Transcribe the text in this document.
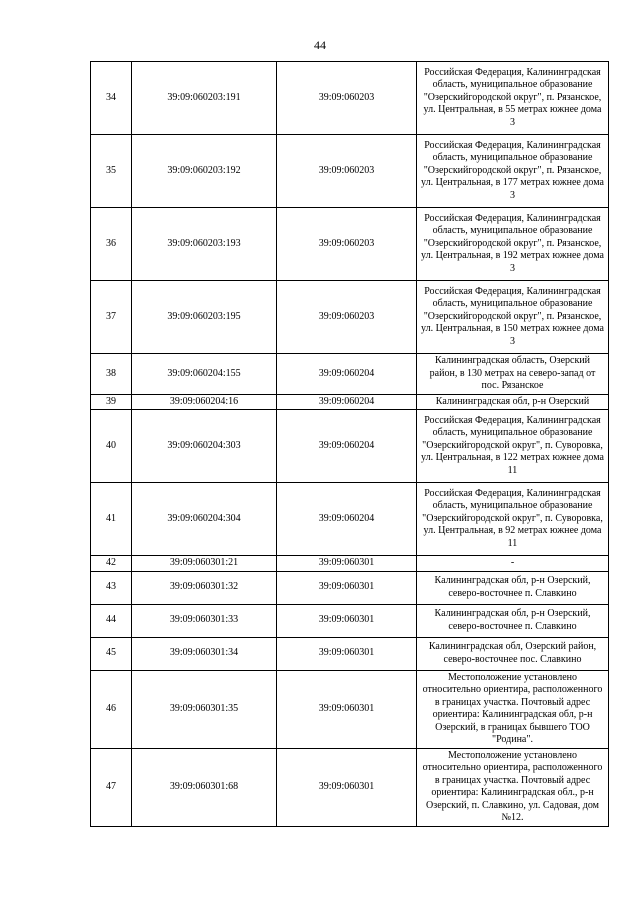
44
34	39:09:060203:191	39:09:060203	Российская Федерация, Калининградская область, муниципальное образование "Озерскийгородской округ", п. Рязанское, ул. Центральная, в 55 метрах южнее дома 3
35	39:09:060203:192	39:09:060203	Российская Федерация, Калининградская область, муниципальное образование "Озерскийгородской округ", п. Рязанское, ул. Центральная, в 177 метрах южнее дома 3
36	39:09:060203:193	39:09:060203	Российская Федерация, Калининградская область, муниципальное образование "Озерскийгородской округ", п. Рязанское, ул. Центральная, в 192 метрах южнее дома 3
37	39:09:060203:195	39:09:060203	Российская Федерация, Калининградская область, муниципальное образование "Озерскийгородской округ", п. Рязанское, ул. Центральная, в 150 метрах южнее дома 3
38	39:09:060204:155	39:09:060204	Калининградская область, Озерский район, в 130 метрах на северо-запад от пос. Рязанское
39	39:09:060204:16	39:09:060204	Калининградская обл, р-н Озерский
40	39:09:060204:303	39:09:060204	Российская Федерация, Калининградская область, муниципальное образование "Озерскийгородской округ", п. Суворовка, ул. Центральная, в 122 метрах южнее дома 11
41	39:09:060204:304	39:09:060204	Российская Федерация, Калининградская область, муниципальное образование "Озерскийгородской округ", п. Суворовка, ул. Центральная, в 92 метрах южнее дома 11
42	39:09:060301:21	39:09:060301	-
43	39:09:060301:32	39:09:060301	Калининградская обл, р-н Озерский, северо-восточнее п. Славкино
44	39:09:060301:33	39:09:060301	Калининградская обл, р-н Озерский, северо-восточнее п. Славкино
45	39:09:060301:34	39:09:060301	Калининградская обл, Озерский район, северо-восточнее пос. Славкино
46	39:09:060301:35	39:09:060301	Местоположение установлено относительно ориентира, расположенного в границах участка. Почтовый адрес ориентира: Калининградская обл, р-н Озерский, в границах бывшего ТОО "Родина".
47	39:09:060301:68	39:09:060301	Местоположение установлено относительно ориентира, расположенного в границах участка. Почтовый адрес ориентира: Калининградская обл., р-н Озерский, п. Славкино, ул. Садовая, дом №12.
